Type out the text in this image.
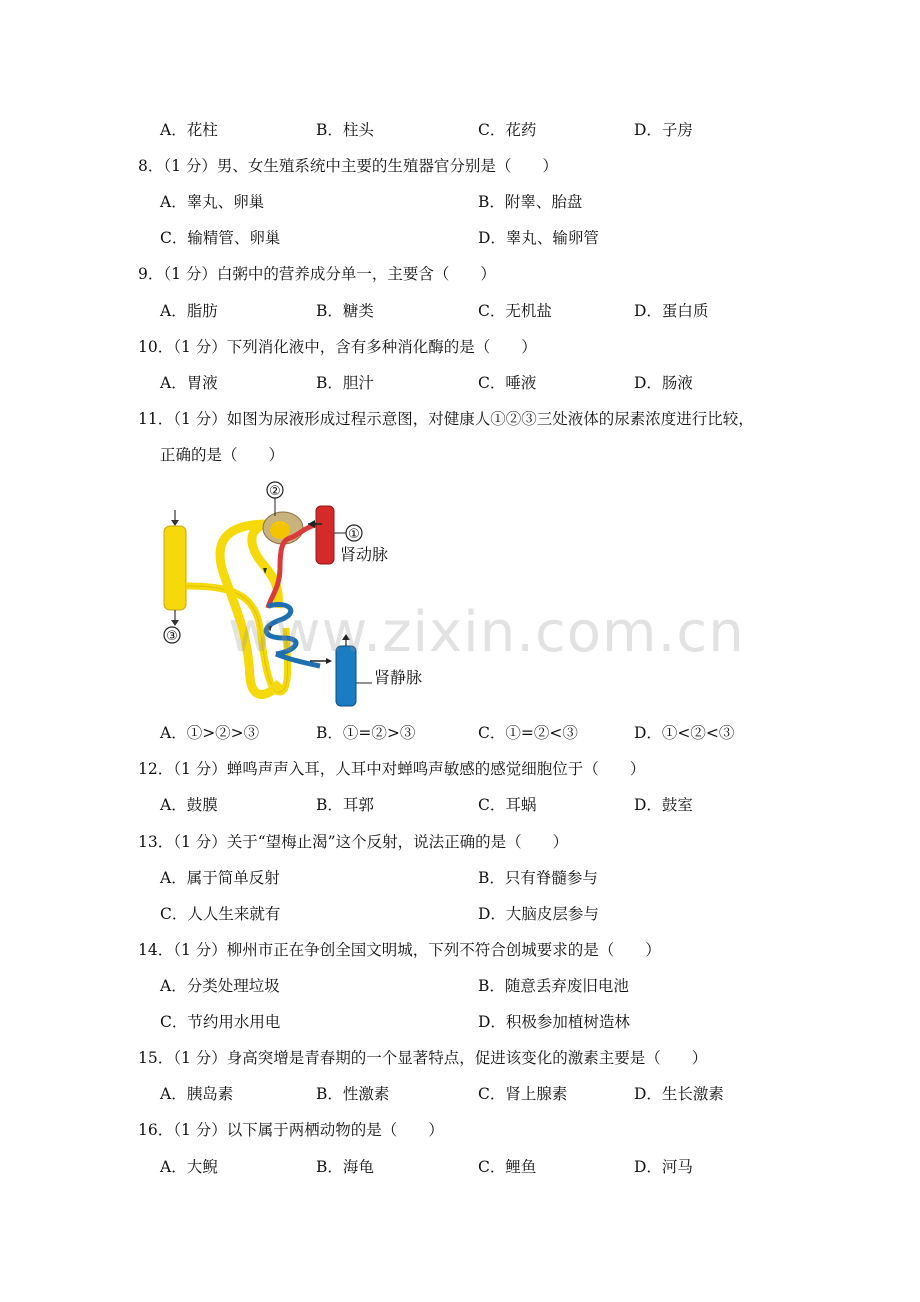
A．花柱	B．柱头	C．花药	D．子房
8．（1 分）男、女生殖系统中主要的生殖器官分别是（　　）
A．睾丸、卵巢	B．附睾、胎盘
C．输精管、卵巢	D．睾丸、输卵管
9．（1 分）白粥中的营养成分单一，主要含（　　）
A．脂肪	B．糖类	C．无机盐	D．蛋白质
10．（1 分）下列消化液中，含有多种消化酶的是（　　）
A．胃液	B．胆汁	C．唾液	D．肠液
11．（1 分）如图为尿液形成过程示意图，对健康人①②③三处液体的尿素浓度进行比较，
正确的是（　　）
②
①
肾动脉
③
肾静脉
www.zixin.com.cn
A．①>②>③	B．①=②>③	C．①=②<③	D．①<②<③
12．（1 分）蝉鸣声声入耳，人耳中对蝉鸣声敏感的感觉细胞位于（　　）
A．鼓膜	B．耳郭	C．耳蜗	D．鼓室
13．（1 分）关于“望梅止渴”这个反射，说法正确的是（　　）
A．属于简单反射	B．只有脊髓参与
C．人人生来就有	D．大脑皮层参与
14．（1 分）柳州市正在争创全国文明城，下列不符合创城要求的是（　　）
A．分类处理垃圾	B．随意丢弃废旧电池
C．节约用水用电	D．积极参加植树造林
15．（1 分）身高突增是青春期的一个显著特点，促进该变化的激素主要是（　　）
A．胰岛素	B．性激素	C．肾上腺素	D．生长激素
16．（1 分）以下属于两栖动物的是（　　）
A．大鲵	B．海龟	C．鲤鱼	D．河马
